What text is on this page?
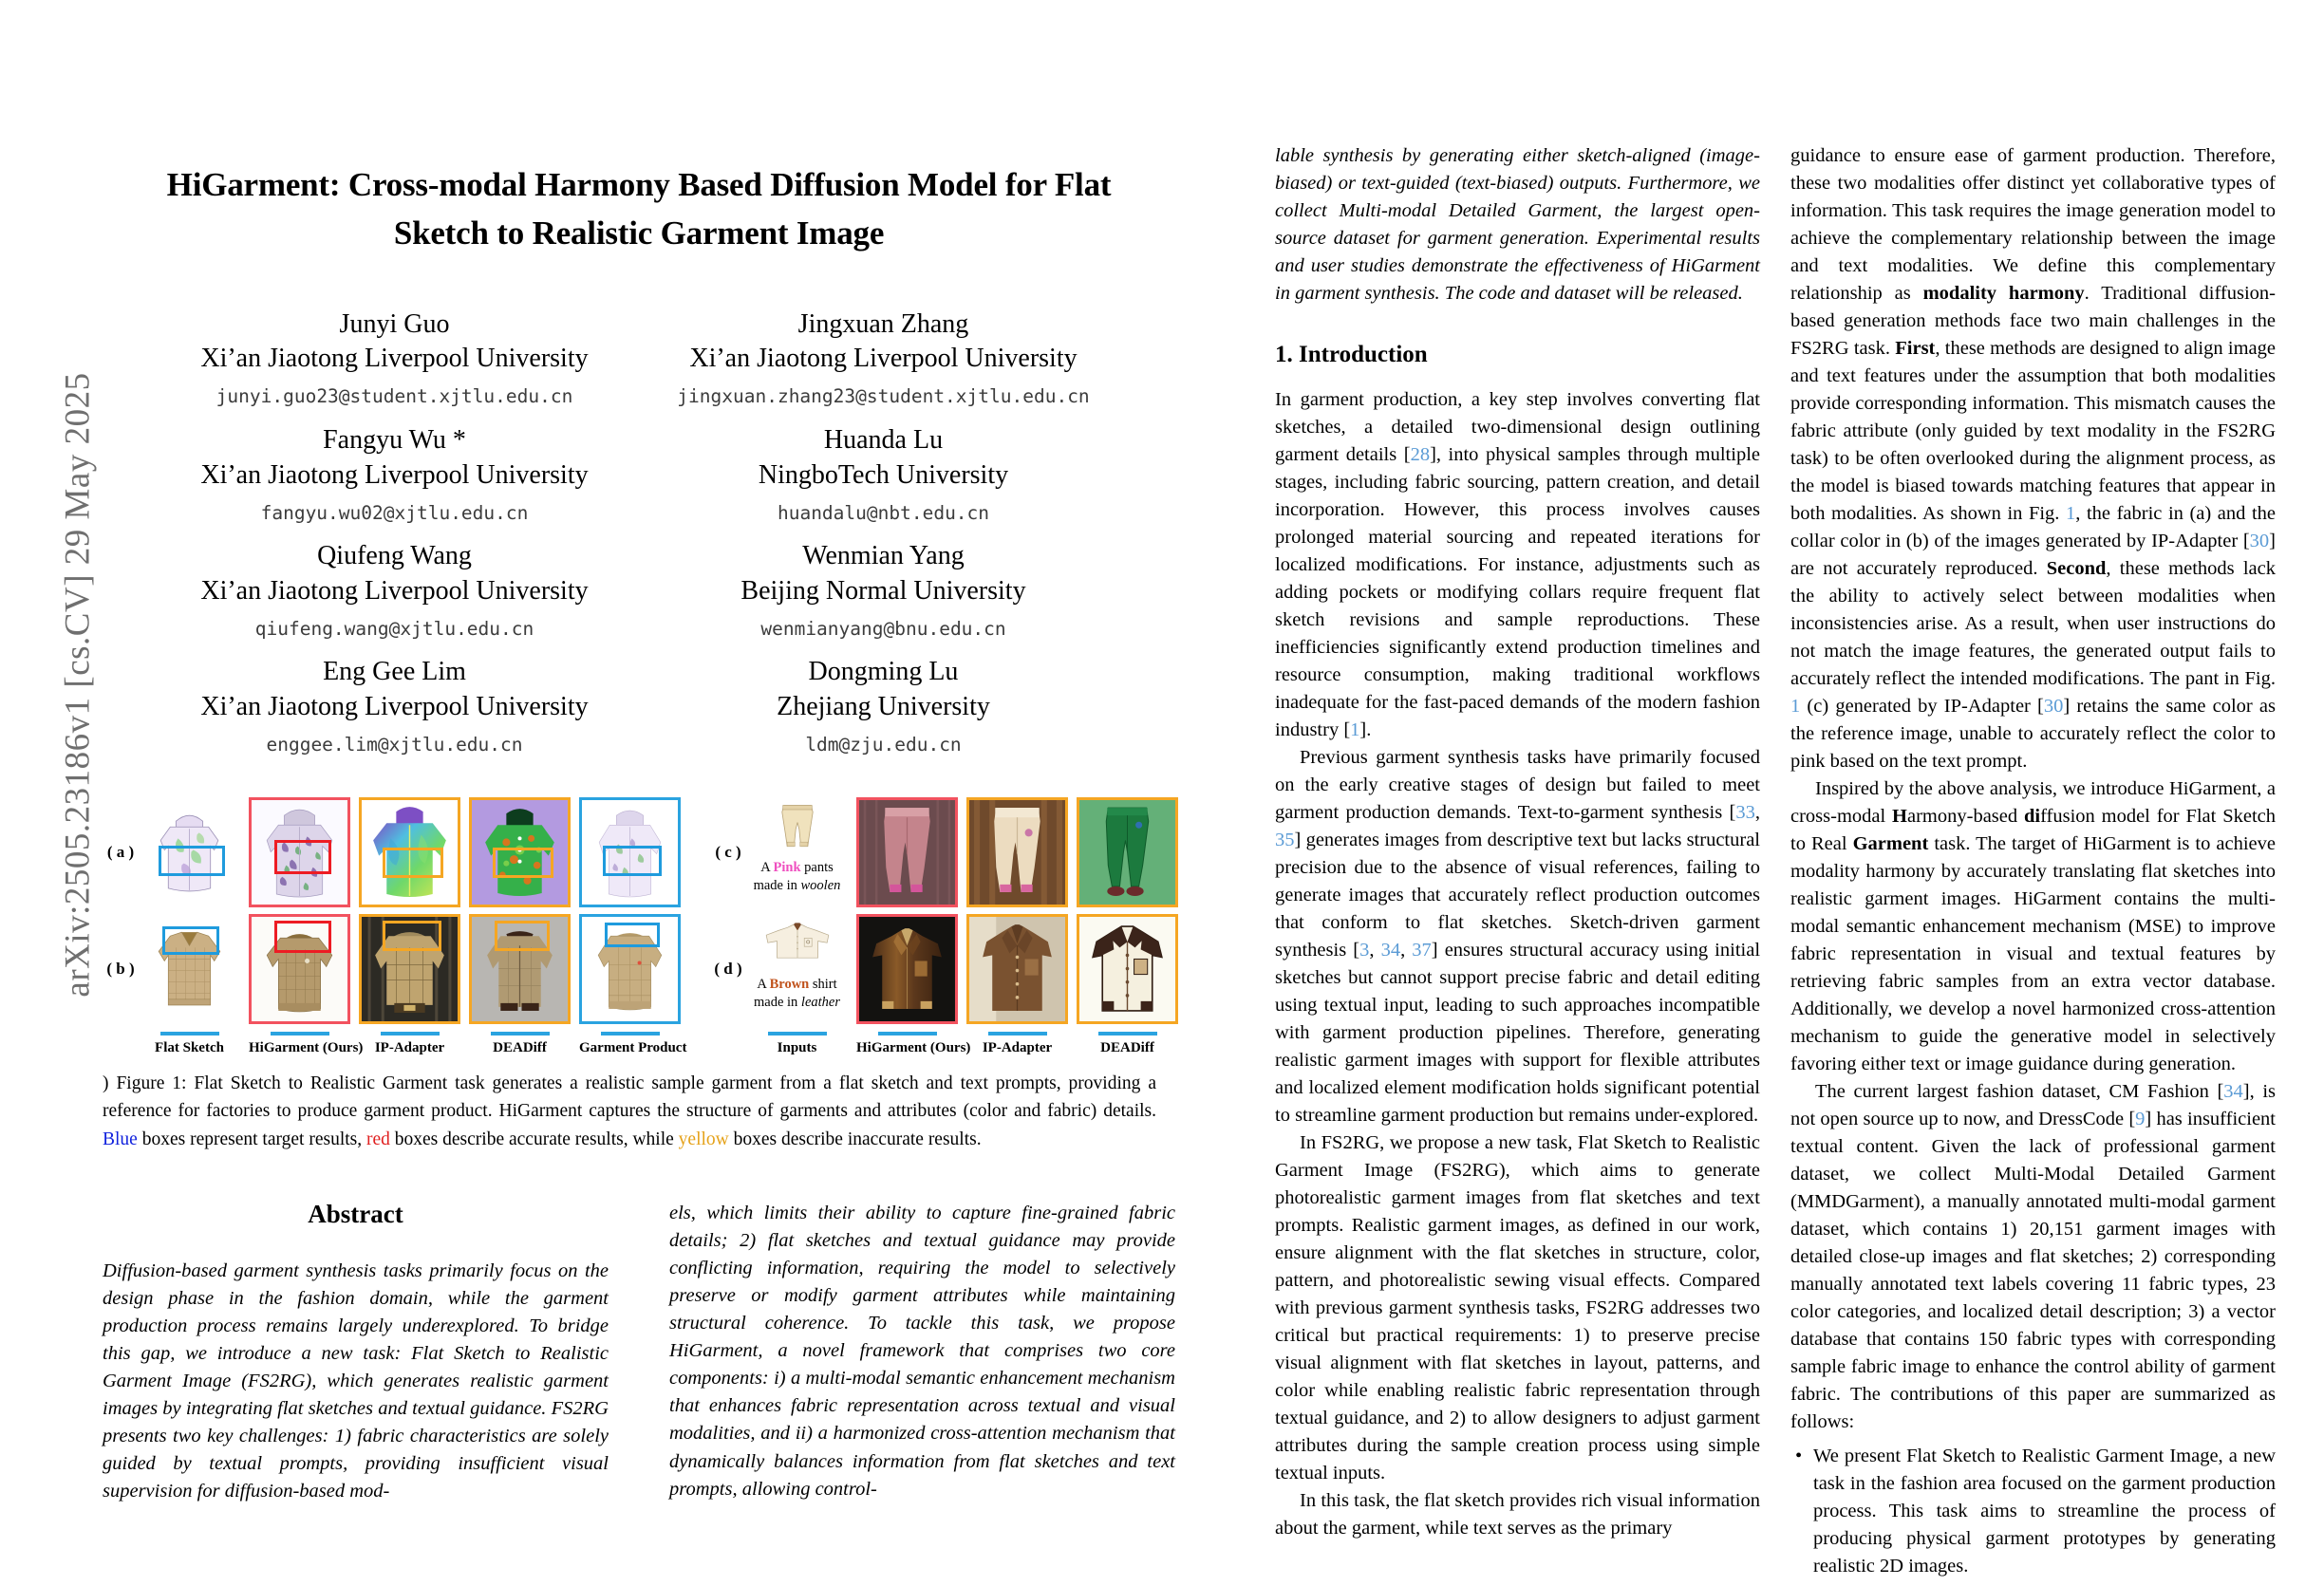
arXiv:2505.23186v1 [cs.CV] 29 May 2025
HiGarment: Cross-modal Harmony Based Diffusion Model for Flat Sketch to Realistic Garment Image
Junyi Guo
Xi’an Jiaotong Liverpool University
junyi.guo23@student.xjtlu.edu.cn
Jingxuan Zhang
Xi’an Jiaotong Liverpool University
jingxuan.zhang23@student.xjtlu.edu.cn
Fangyu Wu *
Xi’an Jiaotong Liverpool University
fangyu.wu02@xjtlu.edu.cn
Huanda Lu
NingboTech University
huandalu@nbt.edu.cn
Qiufeng Wang
Xi’an Jiaotong Liverpool University
qiufeng.wang@xjtlu.edu.cn
Wenmian Yang
Beijing Normal University
wenmianyang@bnu.edu.cn
Eng Gee Lim
Xi’an Jiaotong Liverpool University
enggee.lim@xjtlu.edu.cn
Dongming Lu
Zhejiang University
ldm@zju.edu.cn
( a )
( b )
Flat Sketch	HiGarment (Ours) IP-Adapter	DEADiff	Garment Product
( c )
A Pink pants
made in woolen
( d )
A Brown shirt
made in leather
Inputs	HiGarment (Ours) IP-Adapter	DEADiff
) Figure 1: Flat Sketch to Realistic Garment task generates a realistic sample garment from a flat sketch and text prompts, providing a reference for factories to produce garment product. HiGarment captures the structure of garments and attributes (color and fabric) details. Blue boxes represent target results, red boxes describe accurate results, while yellow boxes describe inaccurate results.
Abstract
Diffusion-based garment synthesis tasks primarily focus on the design phase in the fashion domain, while the garment production process remains largely underexplored. To bridge this gap, we introduce a new task: Flat Sketch to Realistic Garment Image (FS2RG), which generates realistic garment images by integrating flat sketches and textual guidance. FS2RG presents two key challenges: 1) fabric characteristics are solely guided by textual prompts, providing insufficient visual supervision for diffusion-based mod-
els, which limits their ability to capture fine-grained fabric details; 2) flat sketches and textual guidance may provide conflicting information, requiring the model to selectively preserve or modify garment attributes while maintaining structural coherence. To tackle this task, we propose HiGarment, a novel framework that comprises two core components: i) a multi-modal semantic enhancement mechanism that enhances fabric representation across textual and visual modalities, and ii) a harmonized cross-attention mechanism that dynamically balances information from flat sketches and text prompts, allowing control-
lable synthesis by generating either sketch-aligned (image-biased) or text-guided (text-biased) outputs. Furthermore, we collect Multi-modal Detailed Garment, the largest open-source dataset for garment generation. Experimental results and user studies demonstrate the effectiveness of HiGarment in garment synthesis. The code and dataset will be released.
1. Introduction

In garment production, a key step involves converting flat sketches, a detailed two-dimensional design outlining garment details [28], into physical samples through multiple stages, including fabric sourcing, pattern creation, and detail incorporation. However, this process involves causes prolonged material sourcing and repeated iterations for localized modifications. For instance, adjustments such as adding pockets or modifying collars require frequent flat sketch revisions and sample reproductions. These inefficiencies significantly extend production timelines and resource consumption, making traditional workflows inadequate for the fast-paced demands of the modern fashion industry [1].

Previous garment synthesis tasks have primarily focused on the early creative stages of design but failed to meet garment production demands. Text-to-garment synthesis [33, 35] generates images from descriptive text but lacks structural precision due to the absence of visual references, failing to generate images that accurately reflect production outcomes that conform to flat sketches. Sketch-driven garment synthesis [3, 34, 37] ensures structural accuracy using initial sketches but cannot support precise fabric and detail editing using textual input, leading to such approaches incompatible with garment production pipelines. Therefore, generating realistic garment images with support for flexible attributes and localized element modification holds significant potential to streamline garment production but remains under-explored.

In FS2RG, we propose a new task, Flat Sketch to Realistic Garment Image (FS2RG), which aims to generate photorealistic garment images from flat sketches and text prompts. Realistic garment images, as defined in our work, ensure alignment with the flat sketches in structure, color, pattern, and photorealistic sewing visual effects. Compared with previous garment synthesis tasks, FS2RG addresses two critical but practical requirements: 1) to preserve precise visual alignment with flat sketches in layout, patterns, and color while enabling realistic fabric representation through textual guidance, and 2) to allow designers to adjust garment attributes during the sample creation process using simple textual inputs.

In this task, the flat sketch provides rich visual information about the garment, while text serves as the primary

guidance to ensure ease of garment production. Therefore, these two modalities offer distinct yet collaborative types of information. This task requires the image generation model to achieve the complementary relationship between the image and text modalities. We define this complementary relationship as modality harmony. Traditional diffusion-based generation methods face two main challenges in the FS2RG task. First, these methods are designed to align image and text features under the assumption that both modalities provide corresponding information. This mismatch causes the fabric attribute (only guided by text modality in the FS2RG task) to be often overlooked during the alignment process, as the model is biased towards matching features that appear in both modalities. As shown in Fig. 1, the fabric in (a) and the collar color in (b) of the images generated by IP-Adapter [30] are not accurately reproduced. Second, these methods lack the ability to actively select between modalities when inconsistencies arise. As a result, when user instructions do not match the image features, the generated output fails to accurately reflect the intended modifications. The pant in Fig. 1 (c) generated by IP-Adapter [30] retains the same color as the reference image, unable to accurately reflect the color to pink based on the text prompt.

Inspired by the above analysis, we introduce HiGarment, a cross-modal Harmony-based diffusion model for Flat Sketch to Real Garment task. The target of HiGarment is to achieve modality harmony by accurately translating flat sketches into realistic garment images. HiGarment contains the multi-modal semantic enhancement mechanism (MSE) to improve fabric representation in visual and textual features by retrieving fabric samples from an extra vector database. Additionally, we develop a novel harmonized cross-attention mechanism to guide the generative model in selectively favoring either text or image guidance during generation.

The current largest fashion dataset, CM Fashion [34], is not open source up to now, and DressCode [9] has insufficient textual content. Given the lack of professional garment dataset, we collect Multi-Modal Detailed Garment (MMDGarment), a manually annotated multi-modal garment dataset, which contains 1) 20,151 garment images with detailed close-up images and flat sketches; 2) corresponding manually annotated text labels covering 11 fabric types, 23 color categories, and localized detail description; 3) a vector database that contains 150 fabric types with corresponding sample fabric image to enhance the control ability of garment fabric. The contributions of this paper are summarized as follows:

• We present Flat Sketch to Realistic Garment Image, a new task in the fashion area focused on the garment production process. This task aims to streamline the process of producing physical garment prototypes by generating realistic 2D images.
